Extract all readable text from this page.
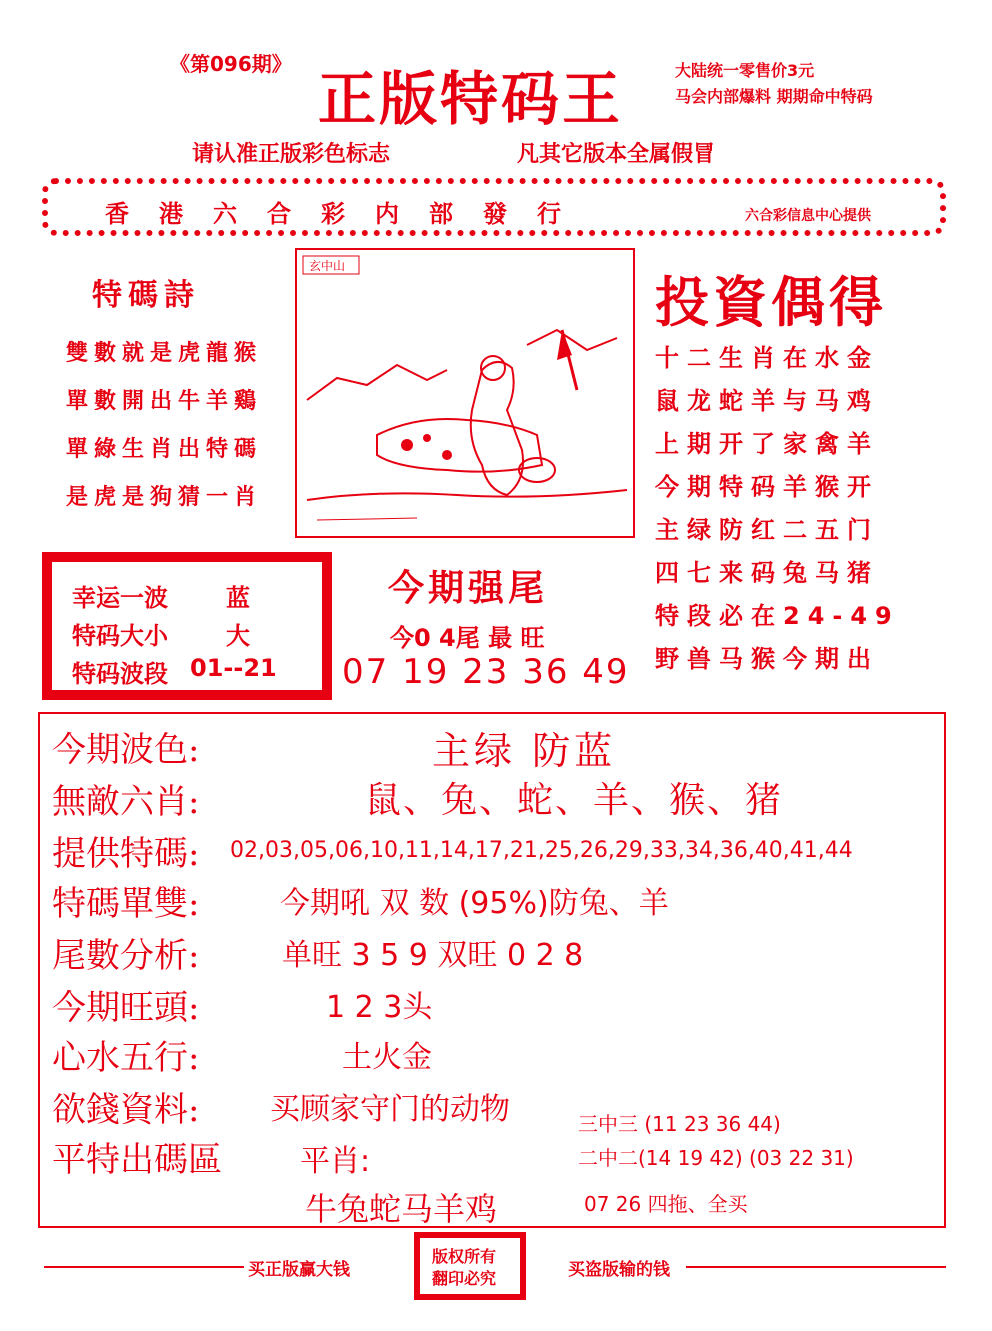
《第096期》
正版特码王	大陆统一零售价3元
马会内部爆料 期期命中特码
请认准正版彩色标志	凡其它版本全属假冒
香港六合彩内部發行	六合彩信息中心提供
特碼詩
雙數就是虎龍猴
單數開出牛羊鷄
單綠生肖出特碼
是虎是狗猜一肖
玄中山
投資偶得
十二生肖在水金
鼠龙蛇羊与马鸡
上期开了家禽羊
今期特码羊猴开
主绿防红二五门
四七来码兔马猪
特段必在24-49
野兽马猴今期出
幸运一波 蓝
特码大小 大
特码波段 01--21
今期强尾
今0 4尾 最 旺
07 19 23 36 49
今期波色:	主绿 防蓝
無敵六肖:	鼠、兔、蛇、羊、猴、猪
提供特碼: 02,03,05,06,10,11,14,17,21,25,26,29,33,34,36,40,41,44
特碼單雙:	今期吼 双 数 (95%)防兔、羊
尾數分析:	单旺 3 5 9 双旺 0 2 8
今期旺頭:	1 2 3头
心水五行:	土火金
欲錢資料: 买顾家守门的动物
平特出碼區	平肖:
牛兔蛇马羊鸡
三中三 (11 23 36 44)
二中二(14 19 42) (03 22 31)
07 26 四拖、全买
买正版赢大钱
版权所有
翻印必究	买盗版输的钱
